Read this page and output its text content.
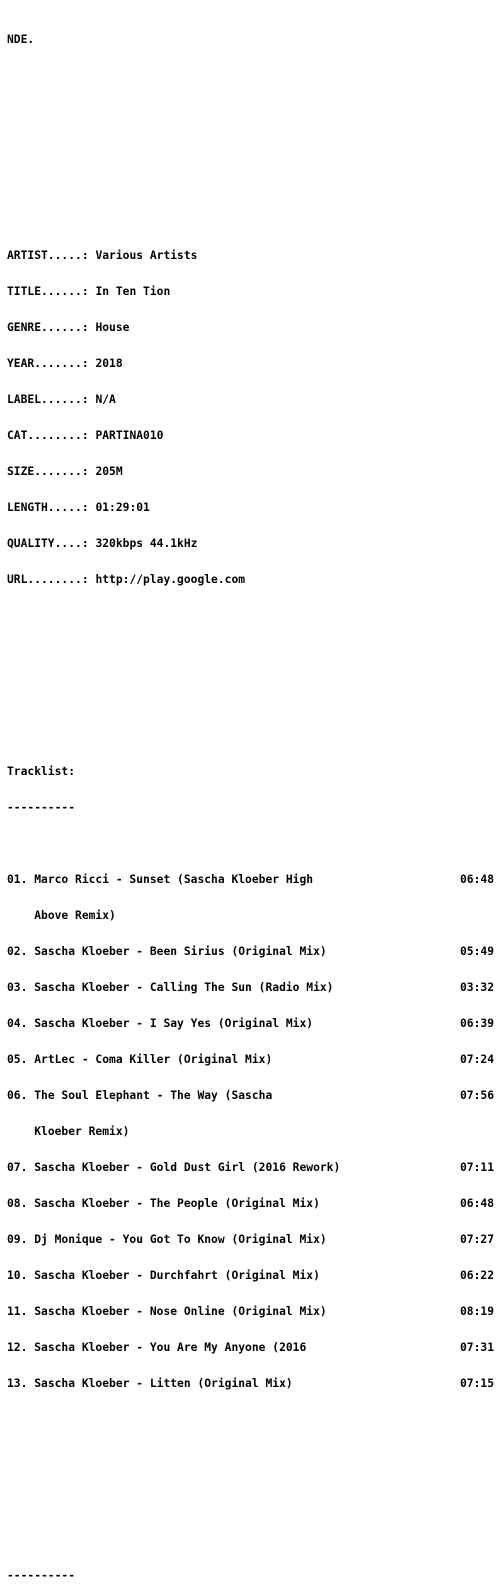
NDE.

ARTIST.....: Various Artists

TITLE......: In Ten Tion

GENRE......: House

YEAR.......: 2018

LABEL......: N/A

CAT........: PARTINA010

SIZE.......: 205M

LENGTH.....: 01:29:01

QUALITY....: 320kbps 44.1kHz

URL........: http://play.google.com

Tracklist:

----------

01. Marco Ricci - Sunset (Sascha Kloeber High	06:48

Above Remix)

02. Sascha Kloeber - Been Sirius (Original Mix)	05:49

03. Sascha Kloeber - Calling The Sun (Radio Mix)	03:32

04. Sascha Kloeber - I Say Yes (Original Mix)	06:39

05. ArtLec - Coma Killer (Original Mix)	07:24

06. The Soul Elephant - The Way (Sascha	07:56

Kloeber Remix)

07. Sascha Kloeber - Gold Dust Girl (2016 Rework)	07:11

08. Sascha Kloeber - The People (Original Mix)	06:48

09. Dj Monique - You Got To Know (Original Mix)	07:27

10. Sascha Kloeber - Durchfahrt (Original Mix)	06:22

11. Sascha Kloeber - Nose Online (Original Mix)	08:19

12. Sascha Kloeber - You Are My Anyone (2016	07:31

13. Sascha Kloeber - Litten (Original Mix)	07:15

----------
